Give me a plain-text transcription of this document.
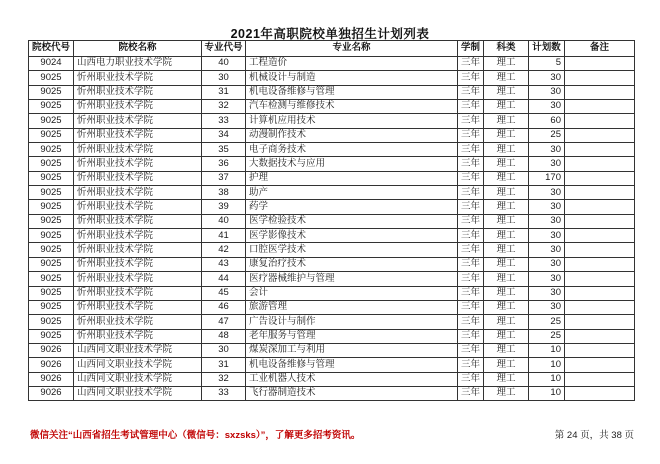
2021年高职院校单独招生计划列表
院校代号	院校名称	专业代号	专业名称	学制	科类	计划数	备注
9024	山西电力职业技术学院	40	工程造价	三年	理工	5	
9025	忻州职业技术学院	30	机械设计与制造	三年	理工	30	
9025	忻州职业技术学院	31	机电设备维修与管理	三年	理工	30	
9025	忻州职业技术学院	32	汽车检测与维修技术	三年	理工	30	
9025	忻州职业技术学院	33	计算机应用技术	三年	理工	60	
9025	忻州职业技术学院	34	动漫制作技术	三年	理工	25	
9025	忻州职业技术学院	35	电子商务技术	三年	理工	30	
9025	忻州职业技术学院	36	大数据技术与应用	三年	理工	30	
9025	忻州职业技术学院	37	护理	三年	理工	170	
9025	忻州职业技术学院	38	助产	三年	理工	30	
9025	忻州职业技术学院	39	药学	三年	理工	30	
9025	忻州职业技术学院	40	医学检验技术	三年	理工	30	
9025	忻州职业技术学院	41	医学影像技术	三年	理工	30	
9025	忻州职业技术学院	42	口腔医学技术	三年	理工	30	
9025	忻州职业技术学院	43	康复治疗技术	三年	理工	30	
9025	忻州职业技术学院	44	医疗器械维护与管理	三年	理工	30	
9025	忻州职业技术学院	45	会计	三年	理工	30	
9025	忻州职业技术学院	46	旅游管理	三年	理工	30	
9025	忻州职业技术学院	47	广告设计与制作	三年	理工	25	
9025	忻州职业技术学院	48	老年服务与管理	三年	理工	25	
9026	山西同文职业技术学院	30	煤炭深加工与利用	三年	理工	10	
9026	山西同文职业技术学院	31	机电设备维修与管理	三年	理工	10	
9026	山西同文职业技术学院	32	工业机器人技术	三年	理工	10	
9026	山西同文职业技术学院	33	飞行器制造技术	三年	理工	10	
微信关注“山西省招生考试管理中心（微信号：sxzsks）”，了解更多招考资讯。	第 24 页，共 38 页
